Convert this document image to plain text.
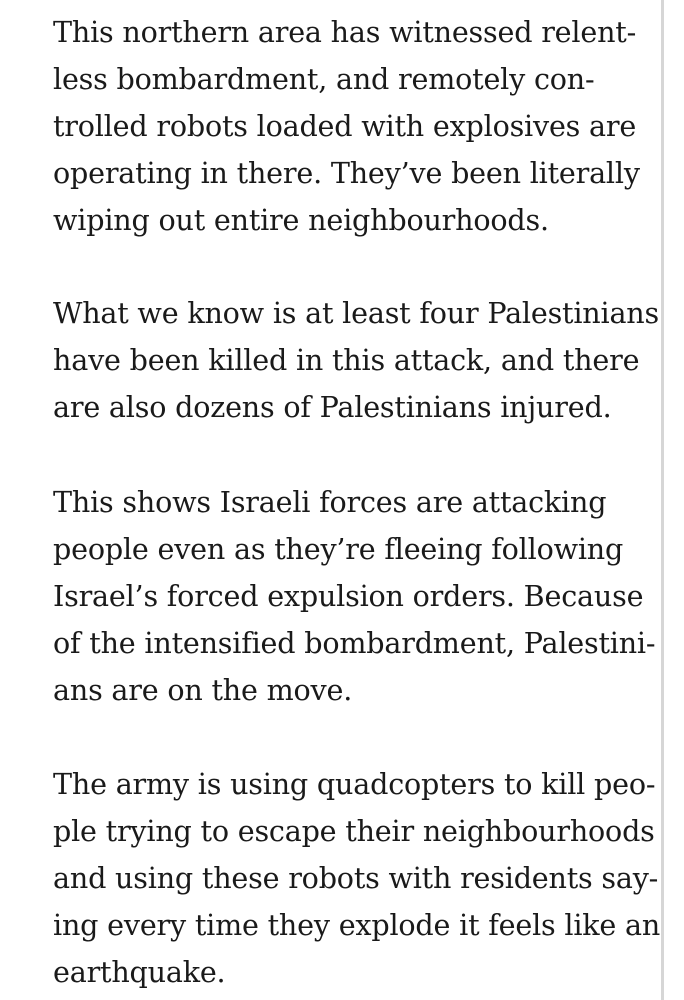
This northern area has witnessed relent-
less bombardment, and remotely con-
trolled robots loaded with explosives are
operating in there. They’ve been literally
wiping out entire neighbourhoods.

What we know is at least four Palestinians
have been killed in this attack, and there
are also dozens of Palestinians injured.

This shows Israeli forces are attacking
people even as they’re fleeing following
Israel’s forced expulsion orders. Because
of the intensified bombardment, Palestini-
ans are on the move.

The army is using quadcopters to kill peo-
ple trying to escape their neighbourhoods
and using these robots with residents say-
ing every time they explode it feels like an
earthquake.
